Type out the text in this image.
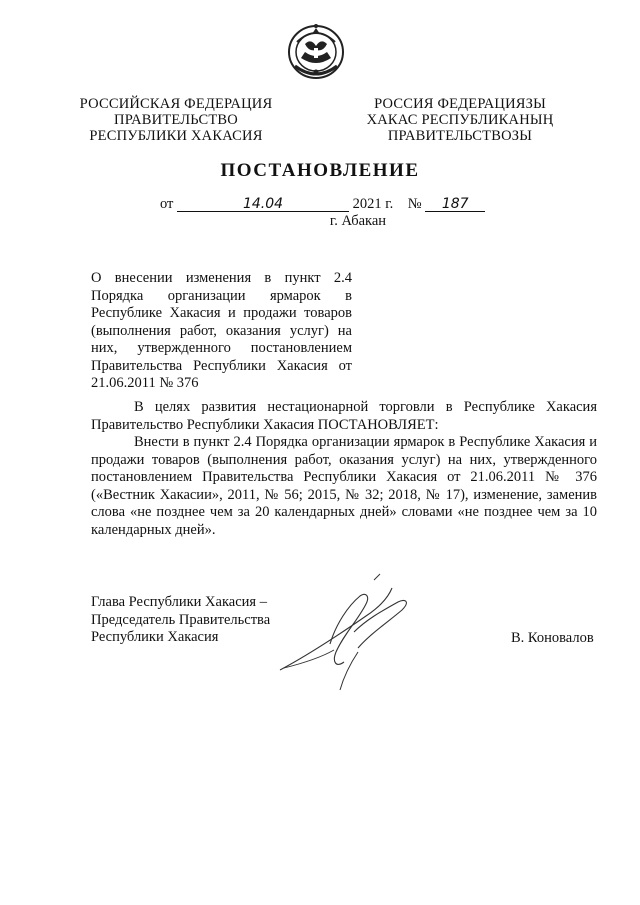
РОССИЙСКАЯ ФЕДЕРАЦИЯ
ПРАВИТЕЛЬСТВО
РЕСПУБЛИКИ ХАКАСИЯ
РОССИЯ ФЕДЕРАЦИЯЗЫ
ХАКАС РЕСПУБЛИКАНЫҢ
ПРАВИТЕЛЬСТВОЗЫ
ПОСТАНОВЛЕНИЕ
от	14.04	2021 г. № 187
г. Абакан
О внесении изменения в пункт 2.4
Порядка организации ярмарок в
Республике Хакасия и продажи товаров
(выполнения работ, оказания услуг) на
них, утвержденного постановлением
Правительства Республики Хакасия от
21.06.2011 № 376

В целях развития нестационарной торговли в Республике Хакасия Правительство Республики Хакасия ПОСТАНОВЛЯЕТ:

Внести в пункт 2.4 Порядка организации ярмарок в Республике Хакасия и продажи товаров (выполнения работ, оказания услуг) на них, утвержденного постановлением Правительства Республики Хакасия от 21.06.2011 № 376 («Вестник Хакасии», 2011, № 56; 2015, № 32; 2018, № 17), изменение, заменив слова «не позднее чем за 20 календарных дней» словами «не позднее чем за 10 календарных дней».

Глава Республики Хакасия –
Председатель Правительства
Республики Хакасия	В. Коновалов
